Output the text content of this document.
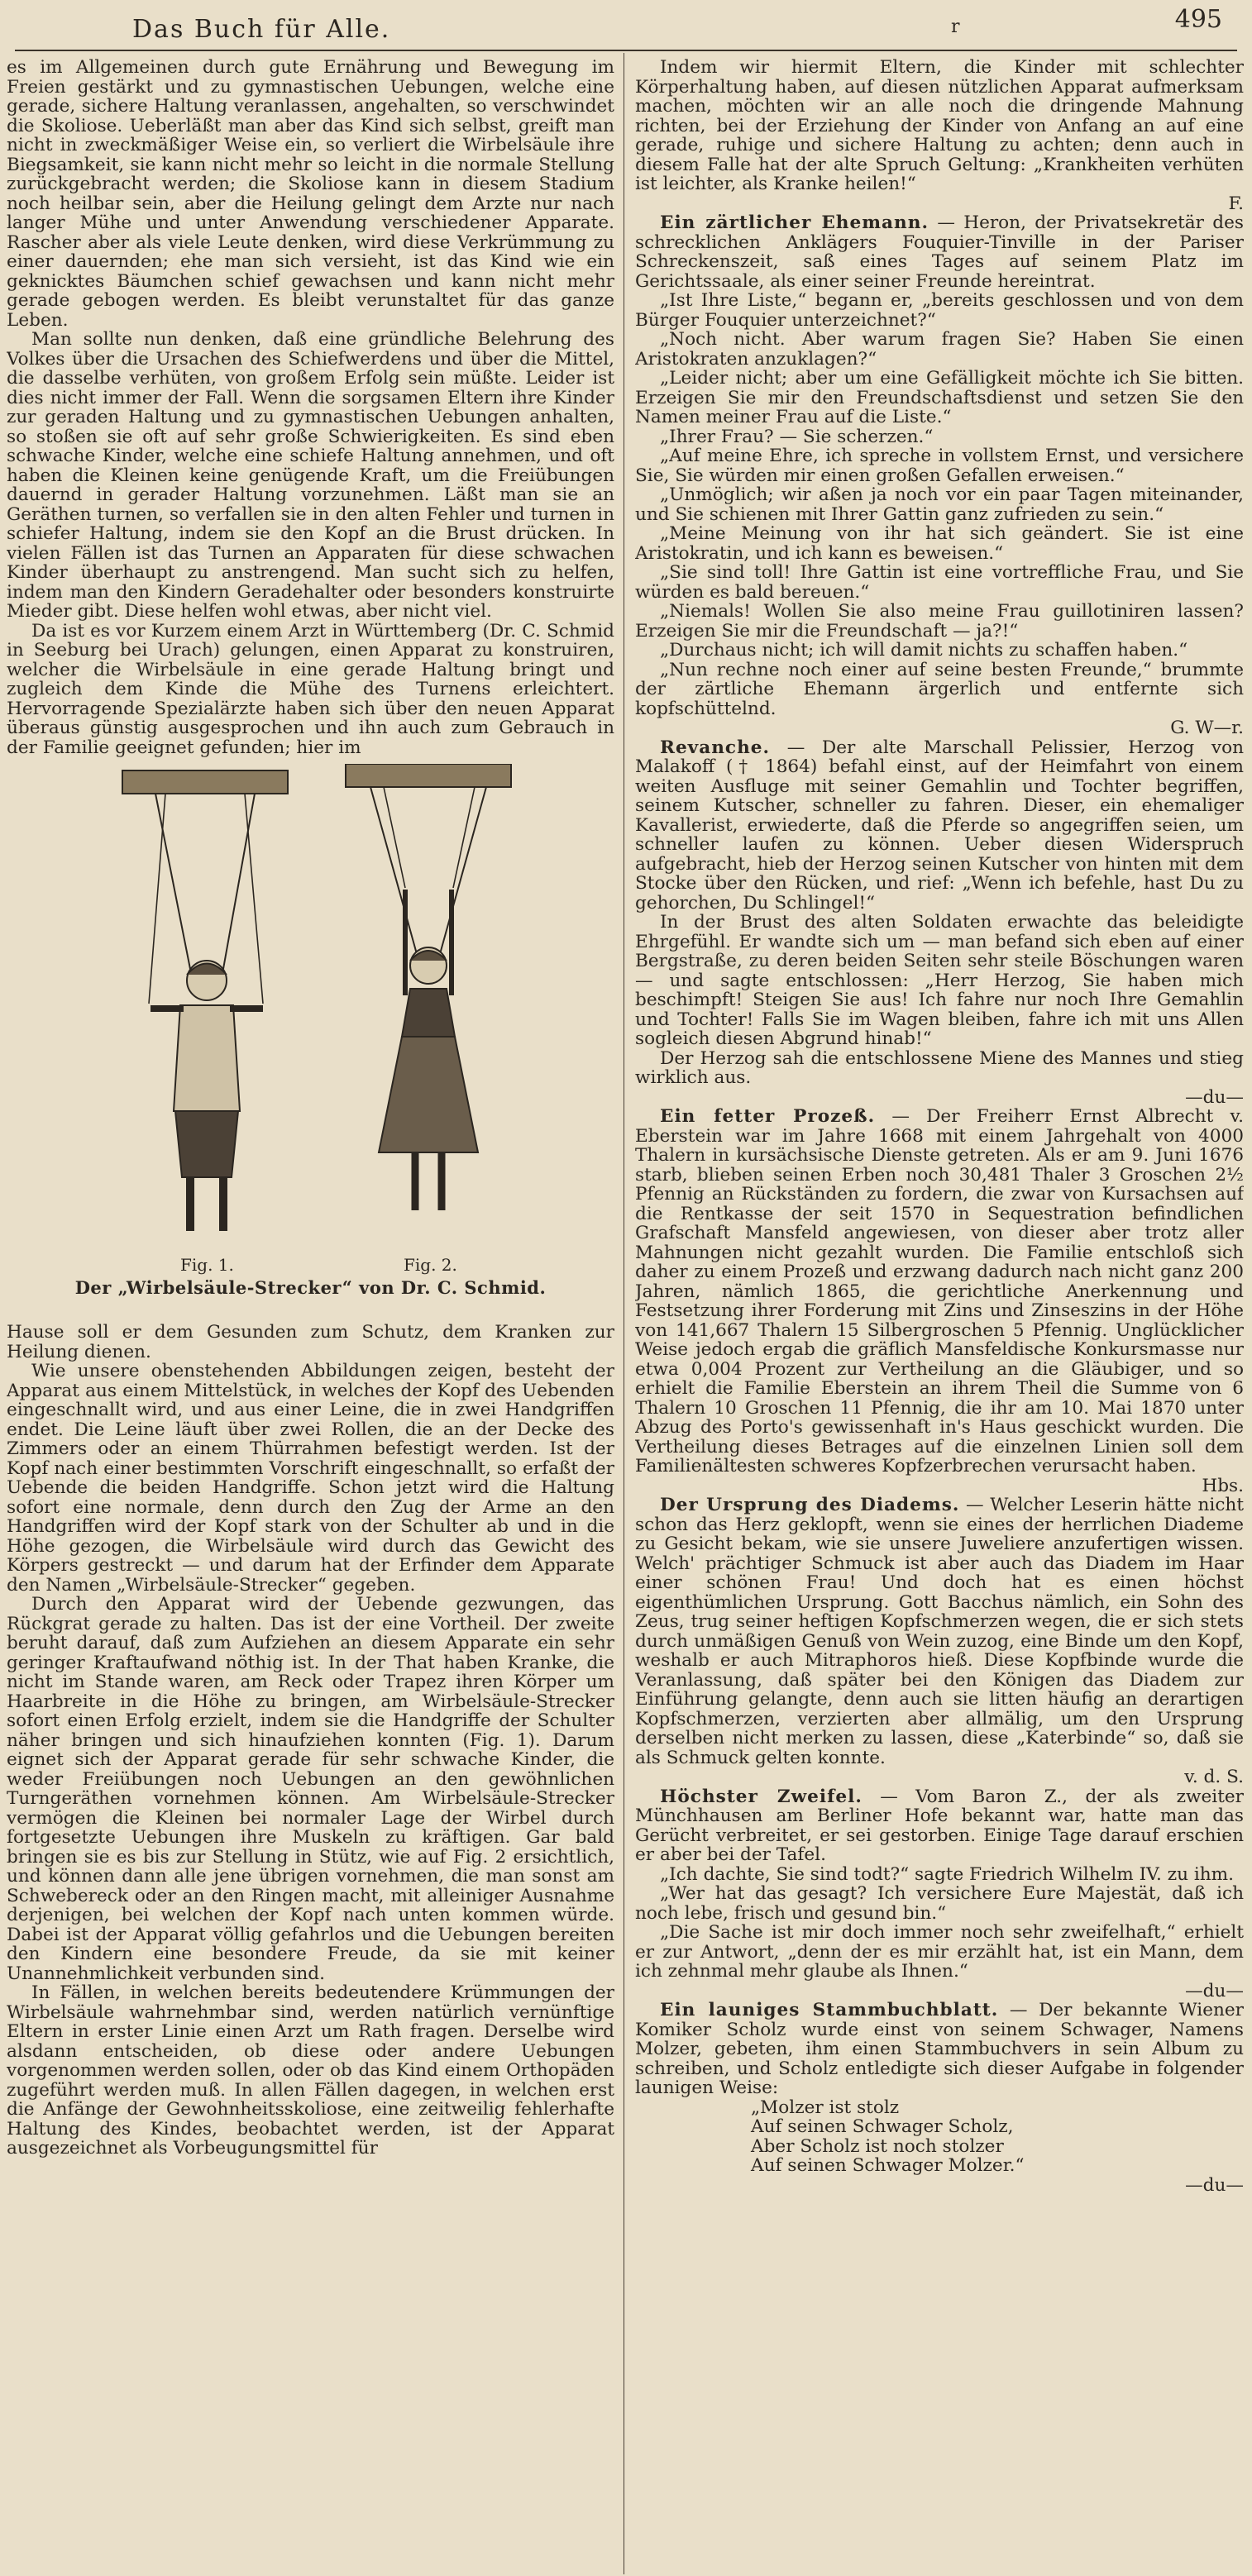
Das Buch für Alle.	r	495

es im Allgemeinen durch gute Ernährung und Bewegung im Freien gestärkt und zu gymnastischen Uebungen, welche eine gerade, sichere Haltung veranlassen, angehalten, so verschwindet die Skoliose. Ueberläßt man aber das Kind sich selbst, greift man nicht in zweckmäßiger Weise ein, so verliert die Wirbelsäule ihre Biegsamkeit, sie kann nicht mehr so leicht in die normale Stellung zurückgebracht werden; die Skoliose kann in diesem Stadium noch heilbar sein, aber die Heilung gelingt dem Arzte nur nach langer Mühe und unter Anwendung verschiedener Apparate. Rascher aber als viele Leute denken, wird diese Verkrümmung zu einer dauernden; ehe man sich versieht, ist das Kind wie ein geknicktes Bäumchen schief gewachsen und kann nicht mehr gerade gebogen werden. Es bleibt verunstaltet für das ganze Leben.

Man sollte nun denken, daß eine gründliche Belehrung des Volkes über die Ursachen des Schiefwerdens und über die Mittel, die dasselbe verhüten, von großem Erfolg sein müßte. Leider ist dies nicht immer der Fall. Wenn die sorgsamen Eltern ihre Kinder zur geraden Haltung und zu gymnastischen Uebungen anhalten, so stoßen sie oft auf sehr große Schwierigkeiten. Es sind eben schwache Kinder, welche eine schiefe Haltung annehmen, und oft haben die Kleinen keine genügende Kraft, um die Freiübungen dauernd in gerader Haltung vorzunehmen. Läßt man sie an Geräthen turnen, so verfallen sie in den alten Fehler und turnen in schiefer Haltung, indem sie den Kopf an die Brust drücken. In vielen Fällen ist das Turnen an Apparaten für diese schwachen Kinder überhaupt zu anstrengend. Man sucht sich zu helfen, indem man den Kindern Geradehalter oder besonders konstruirte Mieder gibt. Diese helfen wohl etwas, aber nicht viel.

Da ist es vor Kurzem einem Arzt in Württemberg (Dr. C. Schmid in Seeburg bei Urach) gelungen, einen Apparat zu konstruiren, welcher die Wirbelsäule in eine gerade Haltung bringt und zugleich dem Kinde die Mühe des Turnens erleichtert. Hervorragende Spezialärzte haben sich über den neuen Apparat überaus günstig ausgesprochen und ihn auch zum Gebrauch in der Familie geeignet gefunden; hier im

Fig. 1.	Fig. 2.
Der „Wirbelsäule-Strecker“ von Dr. C. Schmid.

Hause soll er dem Gesunden zum Schutz, dem Kranken zur Heilung dienen.

Wie unsere obenstehenden Abbildungen zeigen, besteht der Apparat aus einem Mittelstück, in welches der Kopf des Uebenden eingeschnallt wird, und aus einer Leine, die in zwei Handgriffen endet. Die Leine läuft über zwei Rollen, die an der Decke des Zimmers oder an einem Thürrahmen befestigt werden. Ist der Kopf nach einer bestimmten Vorschrift eingeschnallt, so erfaßt der Uebende die beiden Handgriffe. Schon jetzt wird die Haltung sofort eine normale, denn durch den Zug der Arme an den Handgriffen wird der Kopf stark von der Schulter ab und in die Höhe gezogen, die Wirbelsäule wird durch das Gewicht des Körpers gestreckt — und darum hat der Erfinder dem Apparate den Namen „Wirbelsäule-Strecker“ gegeben.

Durch den Apparat wird der Uebende gezwungen, das Rückgrat gerade zu halten. Das ist der eine Vortheil. Der zweite beruht darauf, daß zum Aufziehen an diesem Apparate ein sehr geringer Kraftaufwand nöthig ist. In der That haben Kranke, die nicht im Stande waren, am Reck oder Trapez ihren Körper um Haarbreite in die Höhe zu bringen, am Wirbelsäule-Strecker sofort einen Erfolg erzielt, indem sie die Handgriffe der Schulter näher bringen und sich hinaufziehen konnten (Fig. 1). Darum eignet sich der Apparat gerade für sehr schwache Kinder, die weder Freiübungen noch Uebungen an den gewöhnlichen Turngeräthen vornehmen können. Am Wirbelsäule-Strecker vermögen die Kleinen bei normaler Lage der Wirbel durch fortgesetzte Uebungen ihre Muskeln zu kräftigen. Gar bald bringen sie es bis zur Stellung in Stütz, wie auf Fig. 2 ersichtlich, und können dann alle jene übrigen vornehmen, die man sonst am Schwebereck oder an den Ringen macht, mit alleiniger Ausnahme derjenigen, bei welchen der Kopf nach unten kommen würde. Dabei ist der Apparat völlig gefahrlos und die Uebungen bereiten den Kindern eine besondere Freude, da sie mit keiner Unannehmlichkeit verbunden sind.

In Fällen, in welchen bereits bedeutendere Krümmungen der Wirbelsäule wahrnehmbar sind, werden natürlich vernünftige Eltern in erster Linie einen Arzt um Rath fragen. Derselbe wird alsdann entscheiden, ob diese oder andere Uebungen vorgenommen werden sollen, oder ob das Kind einem Orthopäden zugeführt werden muß. In allen Fällen dagegen, in welchen erst die Anfänge der Gewohnheitsskoliose, eine zeitweilig fehlerhafte Haltung des Kindes, beobachtet werden, ist der Apparat ausgezeichnet als Vorbeugungsmittel für

Indem wir hiermit Eltern, die Kinder mit schlechter Körperhaltung haben, auf diesen nützlichen Apparat aufmerksam machen, möchten wir an alle noch die dringende Mahnung richten, bei der Erziehung der Kinder von Anfang an auf eine gerade, ruhige und sichere Haltung zu achten; denn auch in diesem Falle hat der alte Spruch Geltung: „Krankheiten verhüten ist leichter, als Kranke heilen!“

F.

Ein zärtlicher Ehemann. — Heron, der Privatsekretär des schrecklichen Anklägers Fouquier-Tinville in der Pariser Schreckenszeit, saß eines Tages auf seinem Platz im Gerichtssaale, als einer seiner Freunde hereintrat.

„Ist Ihre Liste,“ begann er, „bereits geschlossen und von dem Bürger Fouquier unterzeichnet?“

„Noch nicht. Aber warum fragen Sie? Haben Sie einen Aristokraten anzuklagen?“

„Leider nicht; aber um eine Gefälligkeit möchte ich Sie bitten. Erzeigen Sie mir den Freundschaftsdienst und setzen Sie den Namen meiner Frau auf die Liste.“

„Ihrer Frau? — Sie scherzen.“

„Auf meine Ehre, ich spreche in vollstem Ernst, und versichere Sie, Sie würden mir einen großen Gefallen erweisen.“

„Unmöglich; wir aßen ja noch vor ein paar Tagen miteinander, und Sie schienen mit Ihrer Gattin ganz zufrieden zu sein.“

„Meine Meinung von ihr hat sich geändert. Sie ist eine Aristokratin, und ich kann es beweisen.“

„Sie sind toll! Ihre Gattin ist eine vortreffliche Frau, und Sie würden es bald bereuen.“

„Niemals! Wollen Sie also meine Frau guillotiniren lassen? Erzeigen Sie mir die Freundschaft — ja?!“

„Durchaus nicht; ich will damit nichts zu schaffen haben.“

„Nun rechne noch einer auf seine besten Freunde,“ brummte der zärtliche Ehemann ärgerlich und entfernte sich kopfschüttelnd.

G. W—r.

Revanche. — Der alte Marschall Pelissier, Herzog von Malakoff († 1864) befahl einst, auf der Heimfahrt von einem weiten Ausfluge mit seiner Gemahlin und Tochter begriffen, seinem Kutscher, schneller zu fahren. Dieser, ein ehemaliger Kavallerist, erwiederte, daß die Pferde so angegriffen seien, um schneller laufen zu können. Ueber diesen Widerspruch aufgebracht, hieb der Herzog seinen Kutscher von hinten mit dem Stocke über den Rücken, und rief: „Wenn ich befehle, hast Du zu gehorchen, Du Schlingel!“

In der Brust des alten Soldaten erwachte das beleidigte Ehrgefühl. Er wandte sich um — man befand sich eben auf einer Bergstraße, zu deren beiden Seiten sehr steile Böschungen waren — und sagte entschlossen: „Herr Herzog, Sie haben mich beschimpft! Steigen Sie aus! Ich fahre nur noch Ihre Gemahlin und Tochter! Falls Sie im Wagen bleiben, fahre ich mit uns Allen sogleich diesen Abgrund hinab!“

Der Herzog sah die entschlossene Miene des Mannes und stieg wirklich aus.

—du—

Ein fetter Prozeß. — Der Freiherr Ernst Albrecht v. Eberstein war im Jahre 1668 mit einem Jahrgehalt von 4000 Thalern in kursächsische Dienste getreten. Als er am 9. Juni 1676 starb, blieben seinen Erben noch 30,481 Thaler 3 Groschen 2½ Pfennig an Rückständen zu fordern, die zwar von Kursachsen auf die Rentkasse der seit 1570 in Sequestration befindlichen Grafschaft Mansfeld angewiesen, von dieser aber trotz aller Mahnungen nicht gezahlt wurden. Die Familie entschloß sich daher zu einem Prozeß und erzwang dadurch nach nicht ganz 200 Jahren, nämlich 1865, die gerichtliche Anerkennung und Festsetzung ihrer Forderung mit Zins und Zinseszins in der Höhe von 141,667 Thalern 15 Silbergroschen 5 Pfennig. Unglücklicher Weise jedoch ergab die gräflich Mansfeldische Konkursmasse nur etwa 0,004 Prozent zur Vertheilung an die Gläubiger, und so erhielt die Familie Eberstein an ihrem Theil die Summe von 6 Thalern 10 Groschen 11 Pfennig, die ihr am 10. Mai 1870 unter Abzug des Porto's gewissenhaft in's Haus geschickt wurden. Die Vertheilung dieses Betrages auf die einzelnen Linien soll dem Familienältesten schweres Kopfzerbrechen verursacht haben.

Hbs.

Der Ursprung des Diadems. — Welcher Leserin hätte nicht schon das Herz geklopft, wenn sie eines der herrlichen Diademe zu Gesicht bekam, wie sie unsere Juweliere anzufertigen wissen. Welch' prächtiger Schmuck ist aber auch das Diadem im Haar einer schönen Frau! Und doch hat es einen höchst eigenthümlichen Ursprung. Gott Bacchus nämlich, ein Sohn des Zeus, trug seiner heftigen Kopfschmerzen wegen, die er sich stets durch unmäßigen Genuß von Wein zuzog, eine Binde um den Kopf, weshalb er auch Mitraphoros hieß. Diese Kopfbinde wurde die Veranlassung, daß später bei den Königen das Diadem zur Einführung gelangte, denn auch sie litten häufig an derartigen Kopfschmerzen, verzierten aber allmälig, um den Ursprung derselben nicht merken zu lassen, diese „Katerbinde“ so, daß sie als Schmuck gelten konnte.

v. d. S.

Höchster Zweifel. — Vom Baron Z., der als zweiter Münchhausen am Berliner Hofe bekannt war, hatte man das Gerücht verbreitet, er sei gestorben. Einige Tage darauf erschien er aber bei der Tafel.

„Ich dachte, Sie sind todt?“ sagte Friedrich Wilhelm IV. zu ihm.

„Wer hat das gesagt? Ich versichere Eure Majestät, daß ich noch lebe, frisch und gesund bin.“

„Die Sache ist mir doch immer noch sehr zweifelhaft,“ erhielt er zur Antwort, „denn der es mir erzählt hat, ist ein Mann, dem ich zehnmal mehr glaube als Ihnen.“

—du—

Ein launiges Stammbuchblatt. — Der bekannte Wiener Komiker Scholz wurde einst von seinem Schwager, Namens Molzer, gebeten, ihm einen Stammbuchvers in sein Album zu schreiben, und Scholz entledigte sich dieser Aufgabe in folgender launigen Weise:

„Molzer ist stolz

Auf seinen Schwager Scholz,

Aber Scholz ist noch stolzer

Auf seinen Schwager Molzer.“

—du—
